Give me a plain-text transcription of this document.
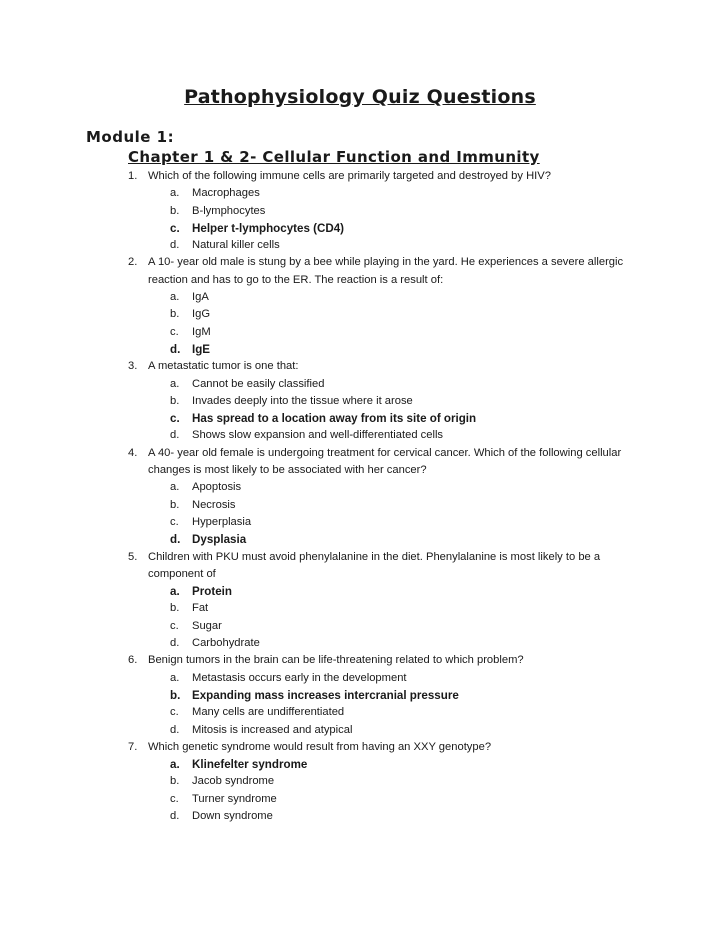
Pathophysiology Quiz Questions
Module 1:
Chapter 1 & 2- Cellular Function and Immunity
1. Which of the following immune cells are primarily targeted and destroyed by HIV?
a. Macrophages
b. B-lymphocytes
c. Helper t-lymphocytes (CD4)
d. Natural killer cells
2. A 10- year old male is stung by a bee while playing in the yard. He experiences a severe allergic reaction and has to go to the ER. The reaction is a result of:
a. IgA
b. IgG
c. IgM
d. IgE
3. A metastatic tumor is one that:
a. Cannot be easily classified
b. Invades deeply into the tissue where it arose
c. Has spread to a location away from its site of origin
d. Shows slow expansion and well-differentiated cells
4. A 40- year old female is undergoing treatment for cervical cancer. Which of the following cellular changes is most likely to be associated with her cancer?
a. Apoptosis
b. Necrosis
c. Hyperplasia
d. Dysplasia
5. Children with PKU must avoid phenylalanine in the diet. Phenylalanine is most likely to be a component of
a. Protein
b. Fat
c. Sugar
d. Carbohydrate
6. Benign tumors in the brain can be life-threatening related to which problem?
a. Metastasis occurs early in the development
b. Expanding mass increases intercranial pressure
c. Many cells are undifferentiated
d. Mitosis is increased and atypical
7. Which genetic syndrome would result from having an XXY genotype?
a. Klinefelter syndrome
b. Jacob syndrome
c. Turner syndrome
d. Down syndrome
